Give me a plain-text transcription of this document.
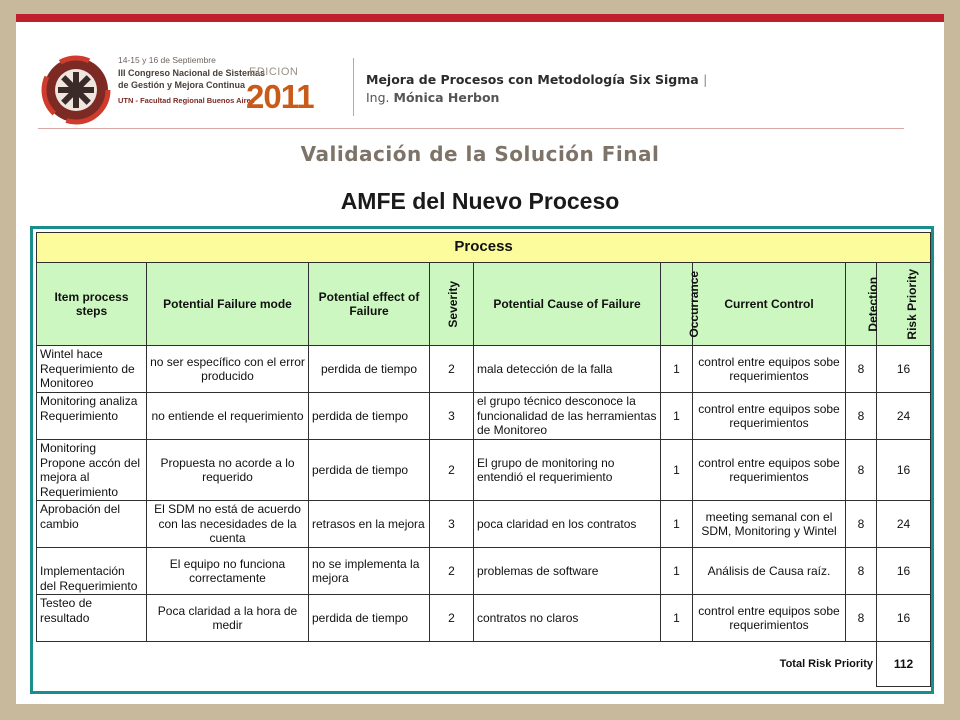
14-15 y 16 de Septiembre
III Congreso Nacional de Sistemas
de Gestión y Mejora Continua
UTN - Facultad Regional Buenos Aires
EDICION
2011	Mejora de Procesos con Metodología Six Sigma |
Ing. Mónica Herbon
Validación de la Solución Final
AMFE del Nuevo Proceso
Process								
Item process steps	Potential Failure mode	Potential effect of Failure	Severity	Potential Cause of Failure	Occurrance	Current Control	Detection	Risk Priority
Wintel hace Requerimiento de Monitoreo	no ser específico con el error producido	perdida de tiempo	2	mala detección de la falla	1	control entre equipos sobe requerimientos	8	16
Monitoring analiza Requerimiento	no entiende el requerimiento	perdida de tiempo	3	el grupo técnico desconoce la funcionalidad de las herramientas de Monitoreo	1	control entre equipos sobe requerimientos	8	24
Monitoring Propone accón del mejora al Requerimiento	Propuesta no acorde a lo requerido	perdida de tiempo	2	El grupo de monitoring no entendió el requerimiento	1	control entre equipos sobe requerimientos	8	16
Aprobación del cambio	El SDM no está de acuerdo con las necesidades de la cuenta	retrasos en la mejora	3	poca claridad en los contratos	1	meeting semanal con el SDM, Monitoring y Wintel	8	24
Implementación del Requerimiento	El equipo no funciona correctamente	no se implementa la mejora	2	problemas de software	1	Análisis de Causa raíz.	8	16
Testeo de resultado	Poca claridad a la hora de medir	perdida de tiempo	2	contratos no claros	1	control entre equipos sobe requerimientos	8	16
Total Risk Priority								112
